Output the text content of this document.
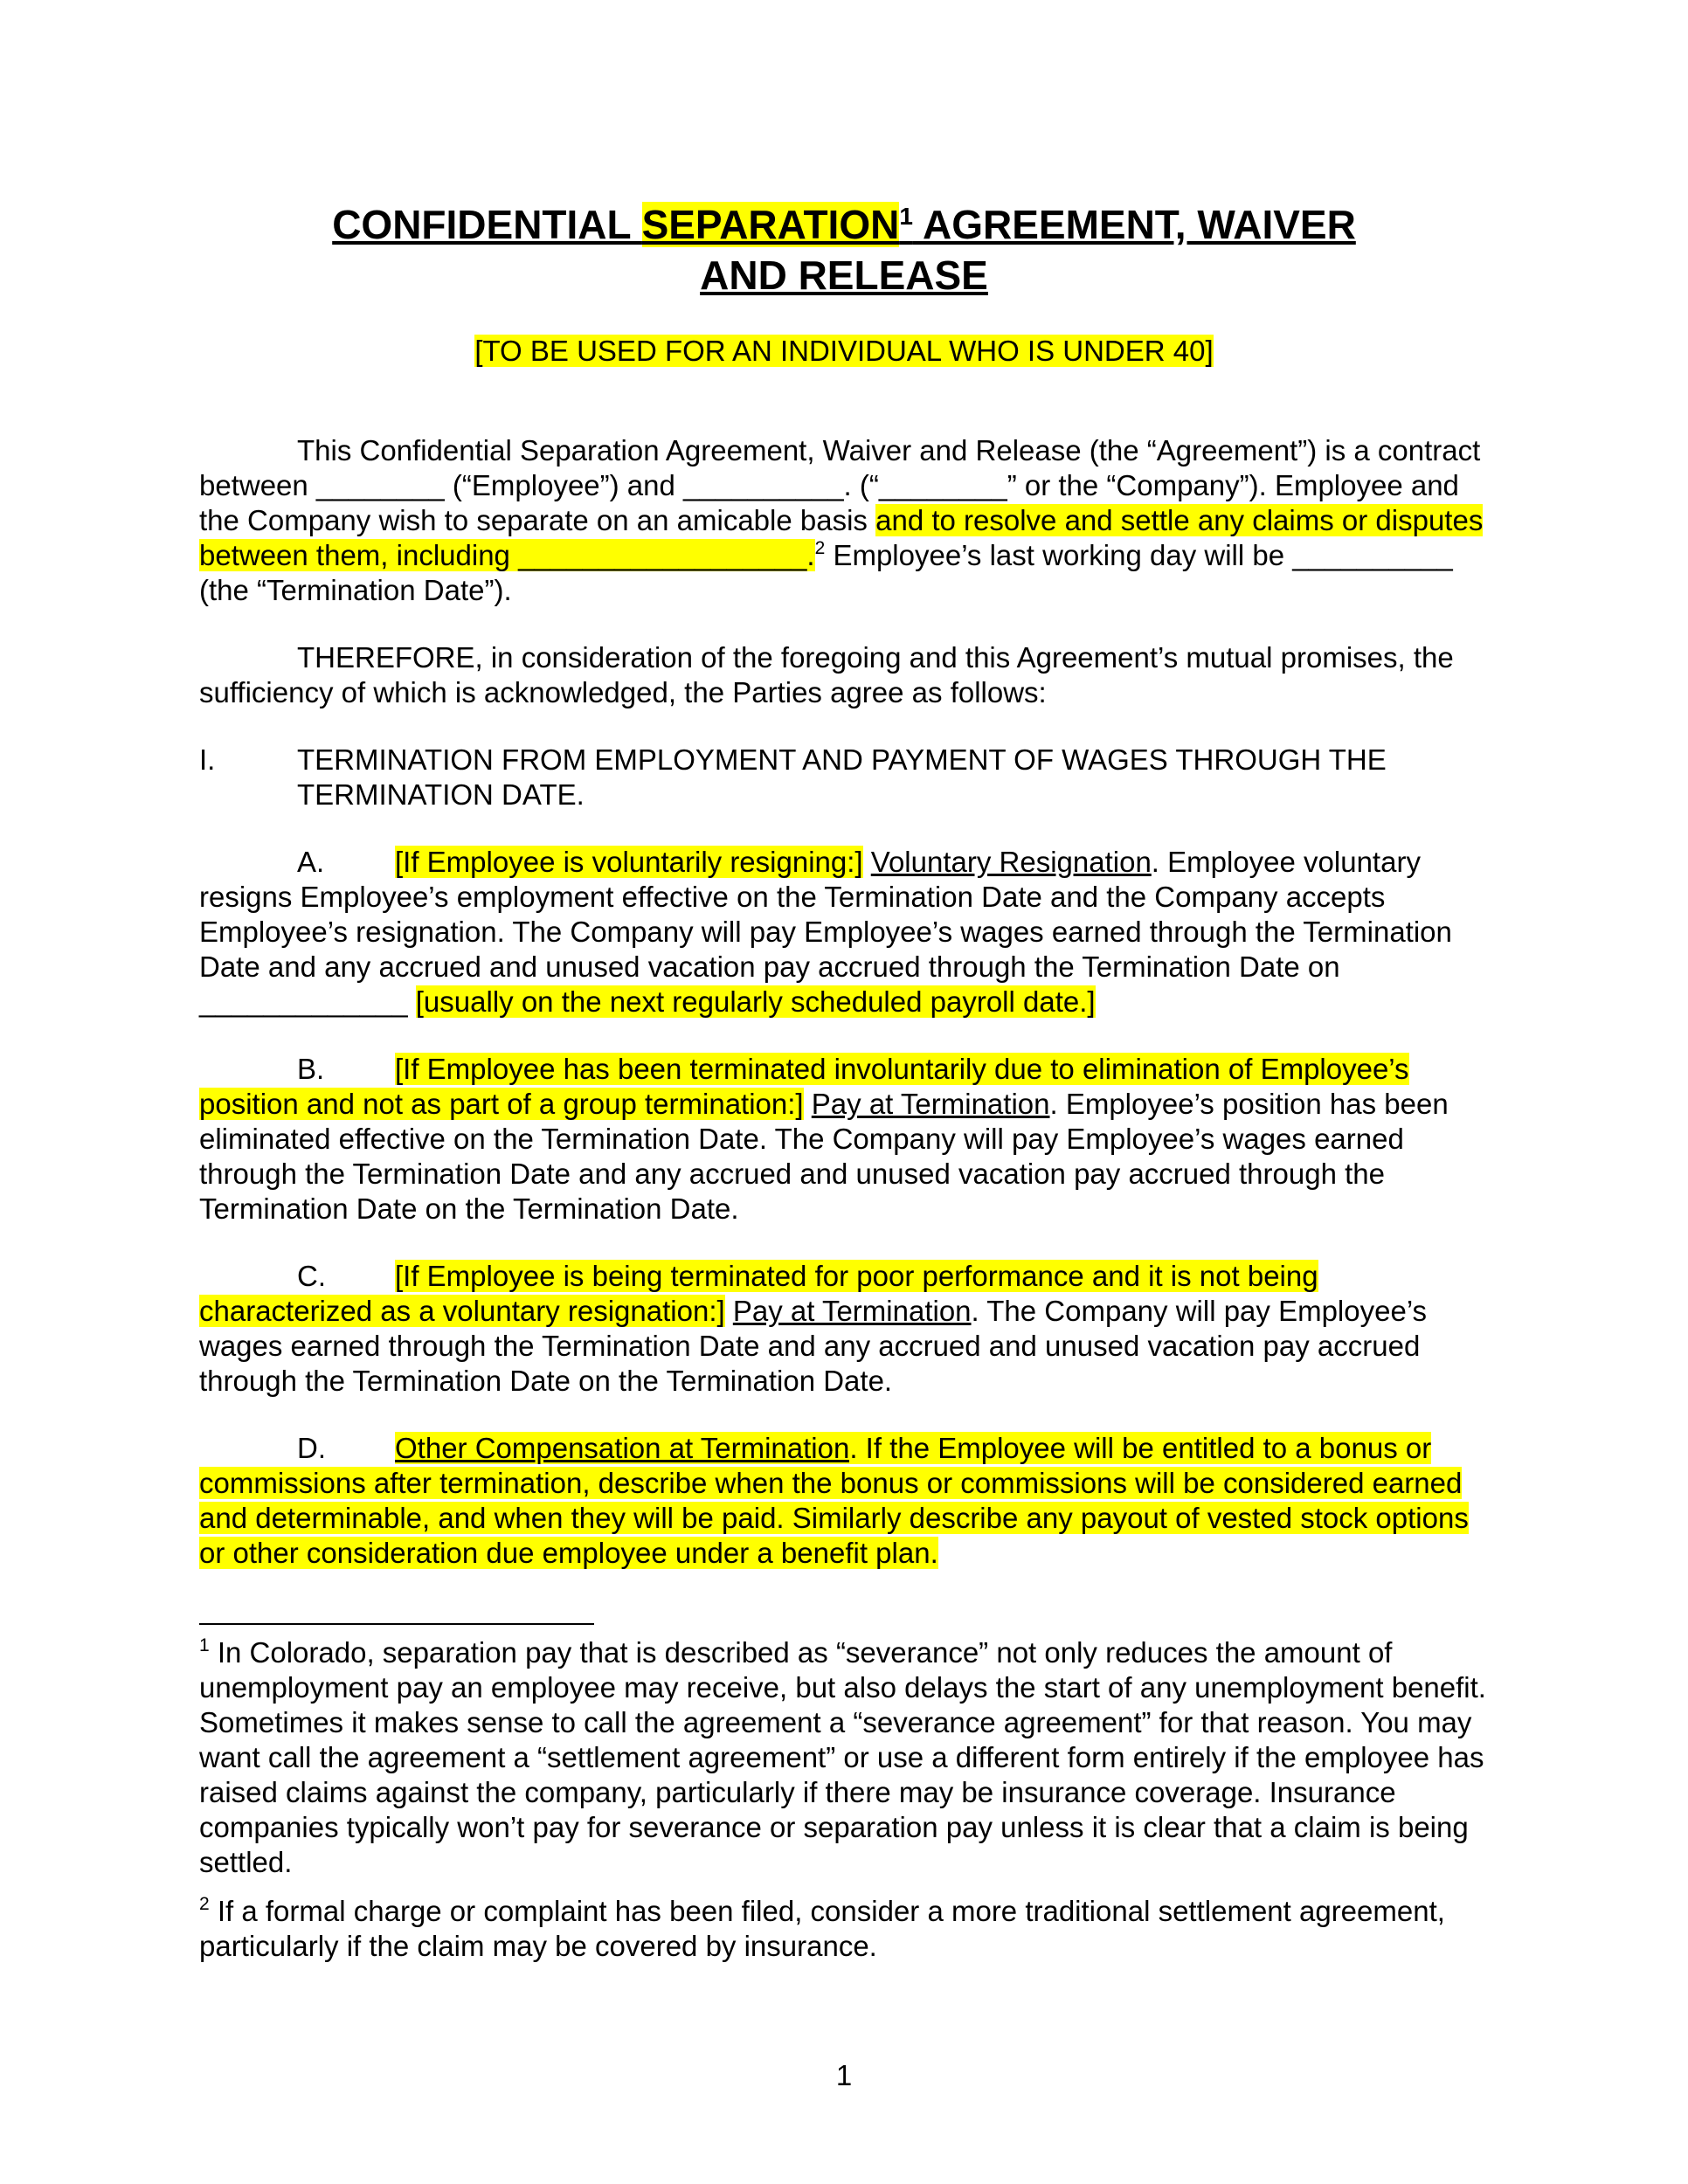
CONFIDENTIAL SEPARATION$^1$ AGREEMENT, WAIVER
AND RELEASE
[TO BE USED FOR AN INDIVIDUAL WHO IS UNDER 40]
This Confidential Separation Agreement, Waiver and Release (the “Agreement”) is a contract between ________ (“Employee”) and __________. (“________” or the “Company”). Employee and the Company wish to separate on an amicable basis and to resolve and settle any claims or disputes between them, including __________________.$^2$ Employee’s last working day will be __________ (the “Termination Date”).
THEREFORE, in consideration of the foregoing and this Agreement’s mutual promises, the sufficiency of which is acknowledged, the Parties agree as follows:
I.	TERMINATION FROM EMPLOYMENT AND PAYMENT OF WAGES THROUGH THE TERMINATION DATE.
A. [If Employee is voluntarily resigning:] Voluntary Resignation. Employee voluntary resigns Employee’s employment effective on the Termination Date and the Company accepts Employee’s resignation. The Company will pay Employee’s wages earned through the Termination Date and any accrued and unused vacation pay accrued through the Termination Date on _____________ [usually on the next regularly scheduled payroll date.]
B. [If Employee has been terminated involuntarily due to elimination of Employee’s position and not as part of a group termination:] Pay at Termination. Employee’s position has been eliminated effective on the Termination Date. The Company will pay Employee’s wages earned through the Termination Date and any accrued and unused vacation pay accrued through the Termination Date on the Termination Date.
C. [If Employee is being terminated for poor performance and it is not being characterized as a voluntary resignation:] Pay at Termination. The Company will pay Employee’s wages earned through the Termination Date and any accrued and unused vacation pay accrued through the Termination Date on the Termination Date.
D. Other Compensation at Termination. If the Employee will be entitled to a bonus or commissions after termination, describe when the bonus or commissions will be considered earned and determinable, and when they will be paid. Similarly describe any payout of vested stock options or other consideration due employee under a benefit plan.
$^1$ In Colorado, separation pay that is described as “severance” not only reduces the amount of unemployment pay an employee may receive, but also delays the start of any unemployment benefit. Sometimes it makes sense to call the agreement a “severance agreement” for that reason. You may want call the agreement a “settlement agreement” or use a different form entirely if the employee has raised claims against the company, particularly if there may be insurance coverage. Insurance companies typically won’t pay for severance or separation pay unless it is clear that a claim is being settled.
$^2$ If a formal charge or complaint has been filed, consider a more traditional settlement agreement, particularly if the claim may be covered by insurance.
1
